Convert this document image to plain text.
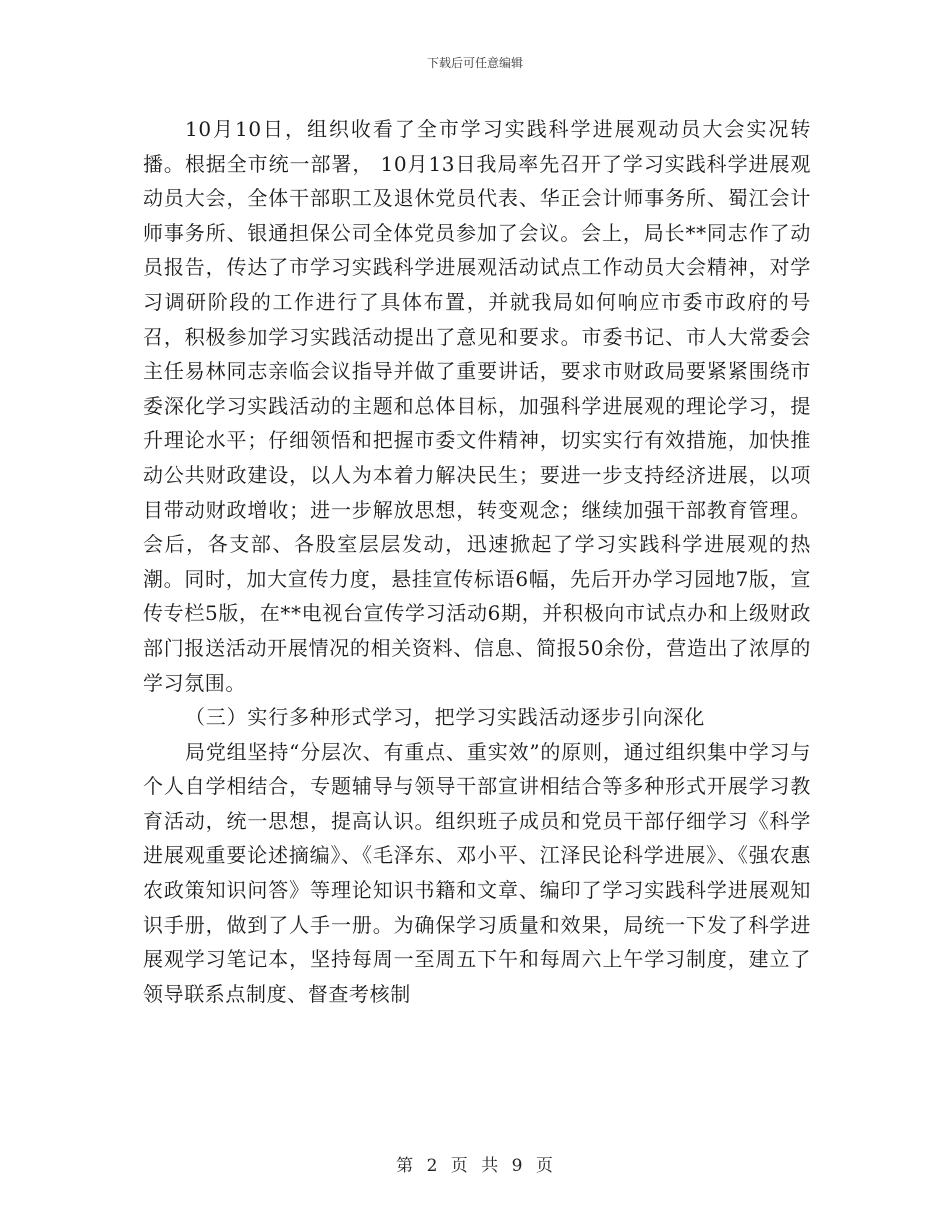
下载后可任意编辑

10月10日，组织收看了全市学习实践科学进展观动员大会实况转播。根据全市统一部署， 10月13日我局率先召开了学习实践科学进展观动员大会，全体干部职工及退休党员代表、华正会计师事务所、蜀江会计师事务所、银通担保公司全体党员参加了会议。会上，局长**同志作了动员报告，传达了市学习实践科学进展观活动试点工作动员大会精神，对学习调研阶段的工作进行了具体布置，并就我局如何响应市委市政府的号召，积极参加学习实践活动提出了意见和要求。市委书记、市人大常委会主任易林同志亲临会议指导并做了重要讲话，要求市财政局要紧紧围绕市委深化学习实践活动的主题和总体目标，加强科学进展观的理论学习，提升理论水平；仔细领悟和把握市委文件精神，切实实行有效措施，加快推动公共财政建设，以人为本着力解决民生；要进一步支持经济进展，以项目带动财政增收；进一步解放思想，转变观念；继续加强干部教育管理。会后，各支部、各股室层层发动，迅速掀起了学习实践科学进展观的热潮。同时，加大宣传力度，悬挂宣传标语6幅，先后开办学习园地7版，宣传专栏5版，在**电视台宣传学习活动6期，并积极向市试点办和上级财政部门报送活动开展情况的相关资料、信息、简报50余份，营造出了浓厚的学习氛围。

（三）实行多种形式学习，把学习实践活动逐步引向深化

局党组坚持“分层次、有重点、重实效”的原则，通过组织集中学习与个人自学相结合，专题辅导与领导干部宣讲相结合等多种形式开展学习教育活动，统一思想，提高认识。组织班子成员和党员干部仔细学习《科学进展观重要论述摘编》、《毛泽东、邓小平、江泽民论科学进展》、《强农惠农政策知识问答》等理论知识书籍和文章、编印了学习实践科学进展观知识手册，做到了人手一册。为确保学习质量和效果，局统一下发了科学进展观学习笔记本，坚持每周一至周五下午和每周六上午学习制度，建立了领导联系点制度、督查考核制

第 2 页 共 9 页
